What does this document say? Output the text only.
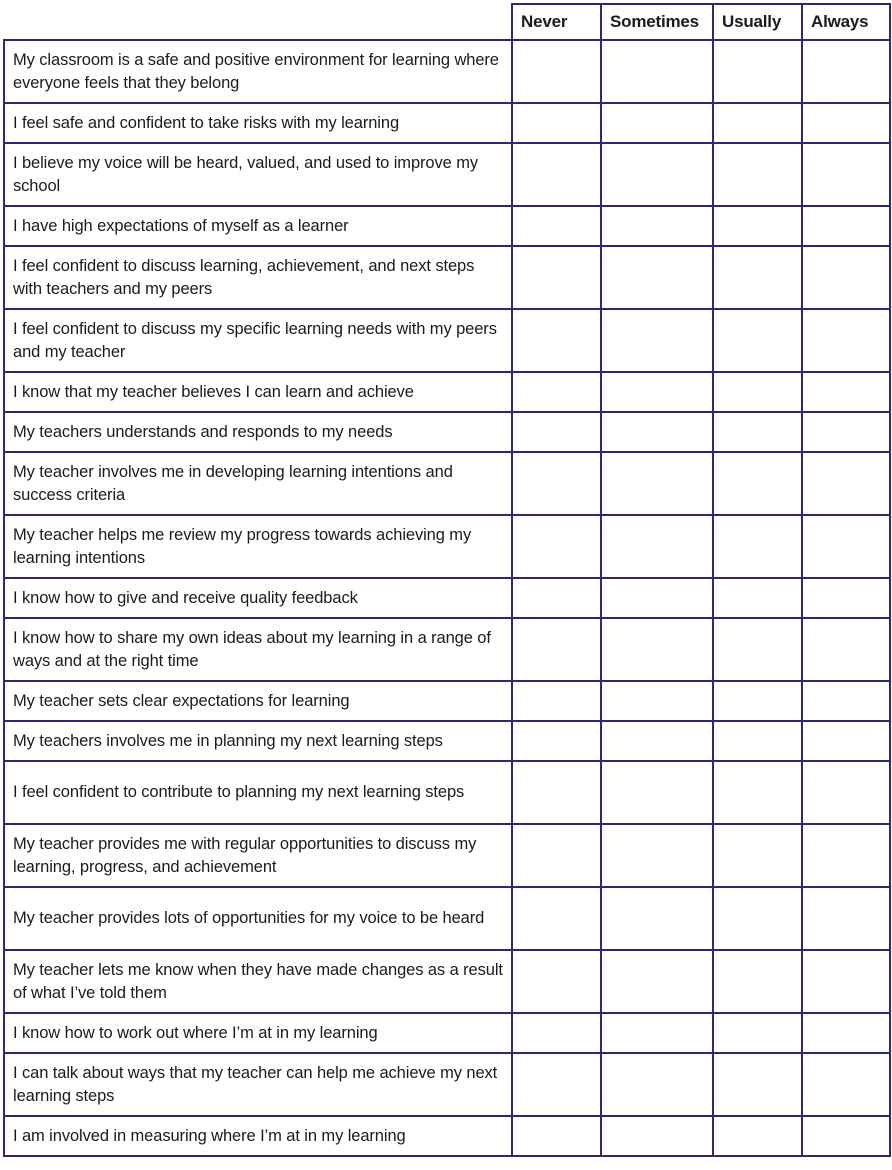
	Never	Sometimes	Usually	Always
My classroom is a safe and positive environment for learning where everyone feels that they belong				
I feel safe and confident to take risks with my learning				
I believe my voice will be heard, valued, and used to improve my school				
I have high expectations of myself as a learner				
I feel confident to discuss learning, achievement, and next steps with teachers and my peers				
I feel confident to discuss my specific learning needs with my peers and my teacher				
I know that my teacher believes I can learn and achieve				
My teachers understands and responds to my needs				
My teacher involves me in developing learning intentions and success criteria				
My teacher helps me review my progress towards achieving my learning intentions				
I know how to give and receive quality feedback				
I know how to share my own ideas about my learning in a range of ways and at the right time				
My teacher sets clear expectations for learning				
My teachers involves me in planning my next learning steps				
I feel confident to contribute to planning my next learning steps				
My teacher provides me with regular opportunities to discuss my learning, progress, and achievement				
My teacher provides lots of opportunities for my voice to be heard				
My teacher lets me know when they have made changes as a result of what I’ve told them				
I know how to work out where I’m at in my learning				
I can talk about ways that my teacher can help me achieve my next learning steps				
I am involved in measuring where I’m at in my learning				
